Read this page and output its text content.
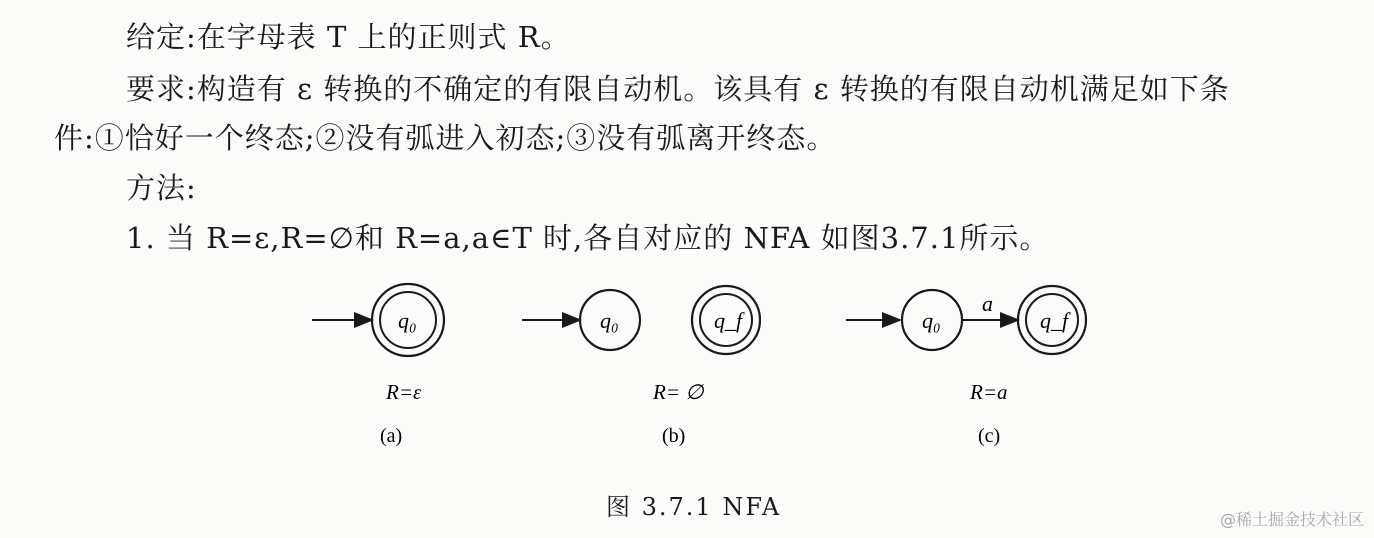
给定:在字母表 T 上的正则式 R。
要求:构造有 ε 转换的不确定的有限自动机。该具有 ε 转换的有限自动机满足如下条
件:①恰好一个终态;②没有弧进入初态;③没有弧离开终态。
方法:
1. 当 R=ε,R=∅和 R=a,a∈T 时,各自对应的 NFA 如图3.7.1所示。
q₀
R=ε
(a)
q₀	q_f
R= ∅
(b)
q₀
a
q_f
R=a
(c)
图 3.7.1 NFA	@稀土掘金技术社区
